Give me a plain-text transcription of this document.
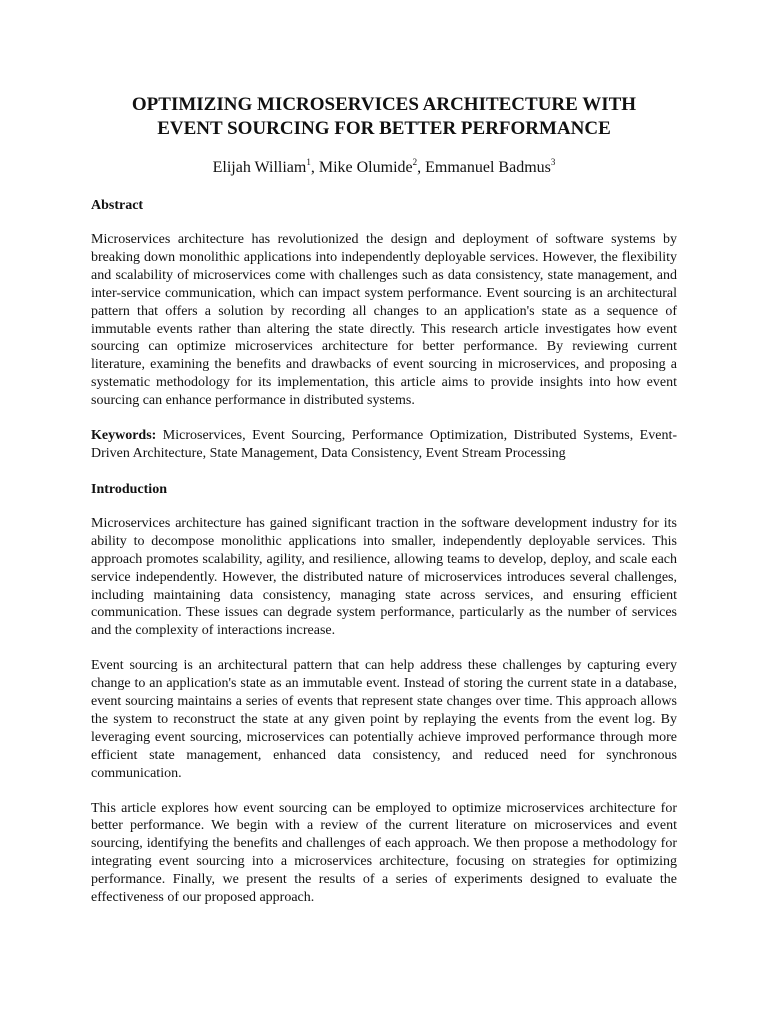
OPTIMIZING MICROSERVICES ARCHITECTURE WITH
EVENT SOURCING FOR BETTER PERFORMANCE
Elijah William$^1$, Mike Olumide$^2$, Emmanuel Badmus$^3$
Abstract

Microservices architecture has revolutionized the design and deployment of software systems by breaking down monolithic applications into independently deployable services. However, the flexibility and scalability of microservices come with challenges such as data consistency, state management, and inter-service communication, which can impact system performance. Event sourcing is an architectural pattern that offers a solution by recording all changes to an application's state as a sequence of immutable events rather than altering the state directly. This research article investigates how event sourcing can optimize microservices architecture for better performance. By reviewing current literature, examining the benefits and drawbacks of event sourcing in microservices, and proposing a systematic methodology for its implementation, this article aims to provide insights into how event sourcing can enhance performance in distributed systems.

Keywords: Microservices, Event Sourcing, Performance Optimization, Distributed Systems, Event-Driven Architecture, State Management, Data Consistency, Event Stream Processing

Introduction

Microservices architecture has gained significant traction in the software development industry for its ability to decompose monolithic applications into smaller, independently deployable services. This approach promotes scalability, agility, and resilience, allowing teams to develop, deploy, and scale each service independently. However, the distributed nature of microservices introduces several challenges, including maintaining data consistency, managing state across services, and ensuring efficient communication. These issues can degrade system performance, particularly as the number of services and the complexity of interactions increase.

Event sourcing is an architectural pattern that can help address these challenges by capturing every change to an application's state as an immutable event. Instead of storing the current state in a database, event sourcing maintains a series of events that represent state changes over time. This approach allows the system to reconstruct the state at any given point by replaying the events from the event log. By leveraging event sourcing, microservices can potentially achieve improved performance through more efficient state management, enhanced data consistency, and reduced need for synchronous communication.

This article explores how event sourcing can be employed to optimize microservices architecture for better performance. We begin with a review of the current literature on microservices and event sourcing, identifying the benefits and challenges of each approach. We then propose a methodology for integrating event sourcing into a microservices architecture, focusing on strategies for optimizing performance. Finally, we present the results of a series of experiments designed to evaluate the effectiveness of our proposed approach.
